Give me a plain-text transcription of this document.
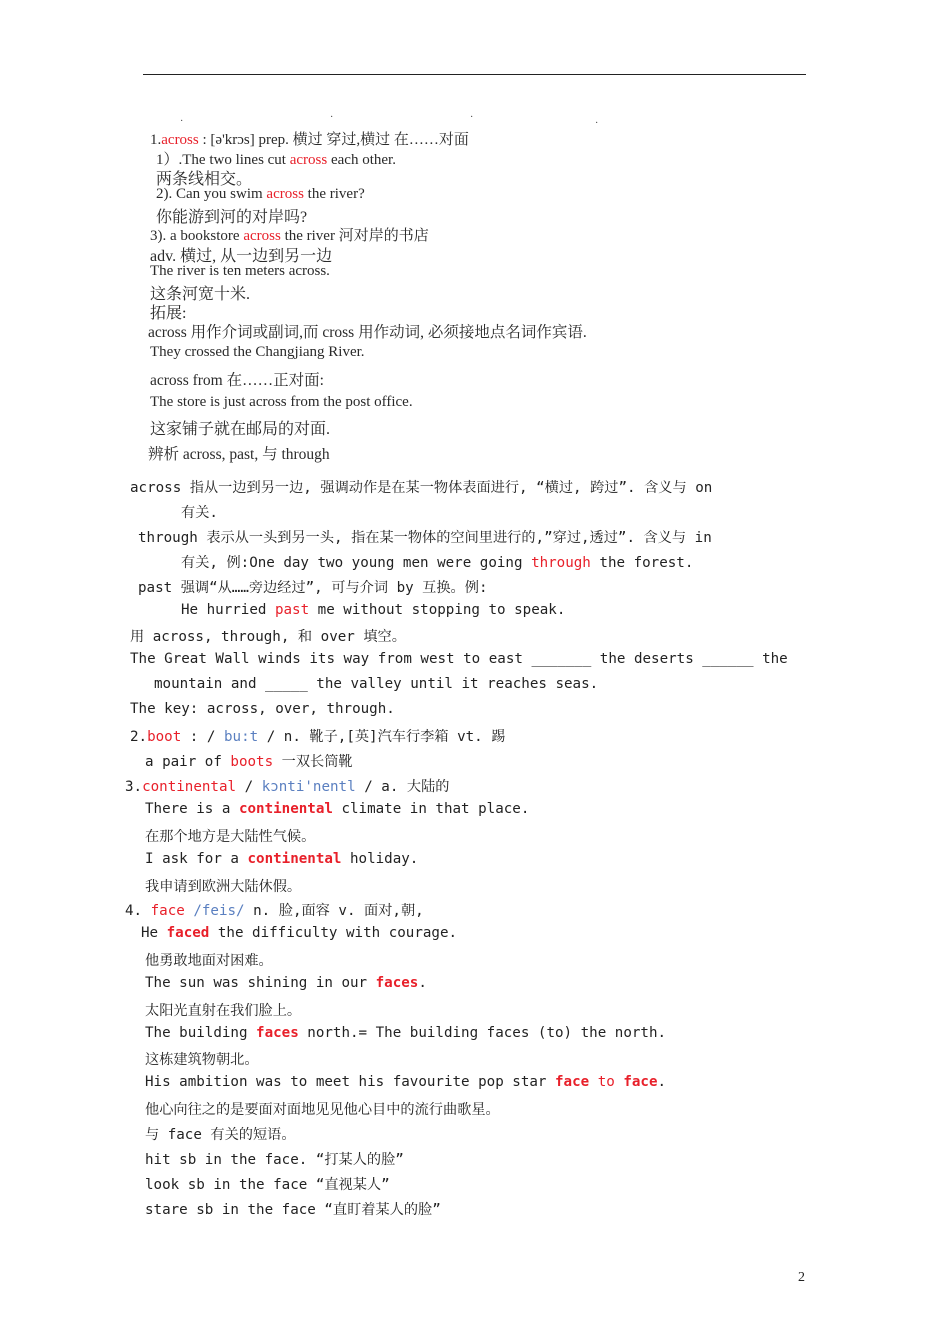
·	·	·
·
1.across : [ə'krɔs] prep. 横过 穿过,横过 在……对面
1）.The two lines cut across each other.
两条线相交。
2). Can you swim across the river?
你能游到河的对岸吗?
3). a bookstore across the river 河对岸的书店
adv. 横过, 从一边到另一边
The river is ten meters across.
这条河宽十米.
拓展:
across 用作介词或副词,而 cross 用作动词, 必须接地点名词作宾语.
They crossed the Changjiang River.
across from 在……正对面:
The store is just across from the post office.
这家铺子就在邮局的对面.
辨析 across, past, 与 through
across 指从一边到另一边, 强调动作是在某一物体表面进行, “横过, 跨过”. 含义与 on
有关.
through 表示从一头到另一头, 指在某一物体的空间里进行的,”穿过,透过”. 含义与 in
有关, 例:One day two young men were going through the forest.
past 强调“从……旁边经过”, 可与介词 by 互换。例:
He hurried past me without stopping to speak.
用 across, through, 和 over 填空。
The Great Wall winds its way from west to east _______ the deserts ______ the
mountain and _____ the valley until it reaches seas.
The key: across, over, through.
2.boot : / bu:t / n. 靴子,[英]汽车行李箱 vt. 踢
a pair of boots 一双长筒靴
3.continental / kɔnti'nentl / a. 大陆的
There is a continental climate in that place.
在那个地方是大陆性气候。
I ask for a continental holiday.
我申请到欧洲大陆休假。
4. face /feis/ n. 脸,面容 v. 面对,朝,
He faced the difficulty with courage.
他勇敢地面对困难。
The sun was shining in our faces.
太阳光直射在我们脸上。
The building faces north.= The building faces (to) the north.
这栋建筑物朝北。
His ambition was to meet his favourite pop star face to face.
他心向往之的是要面对面地见见他心目中的流行曲歌星。
与 face 有关的短语。
hit sb in the face. “打某人的脸”
look sb in the face “直视某人”
stare sb in the face “直盯着某人的脸”
2
